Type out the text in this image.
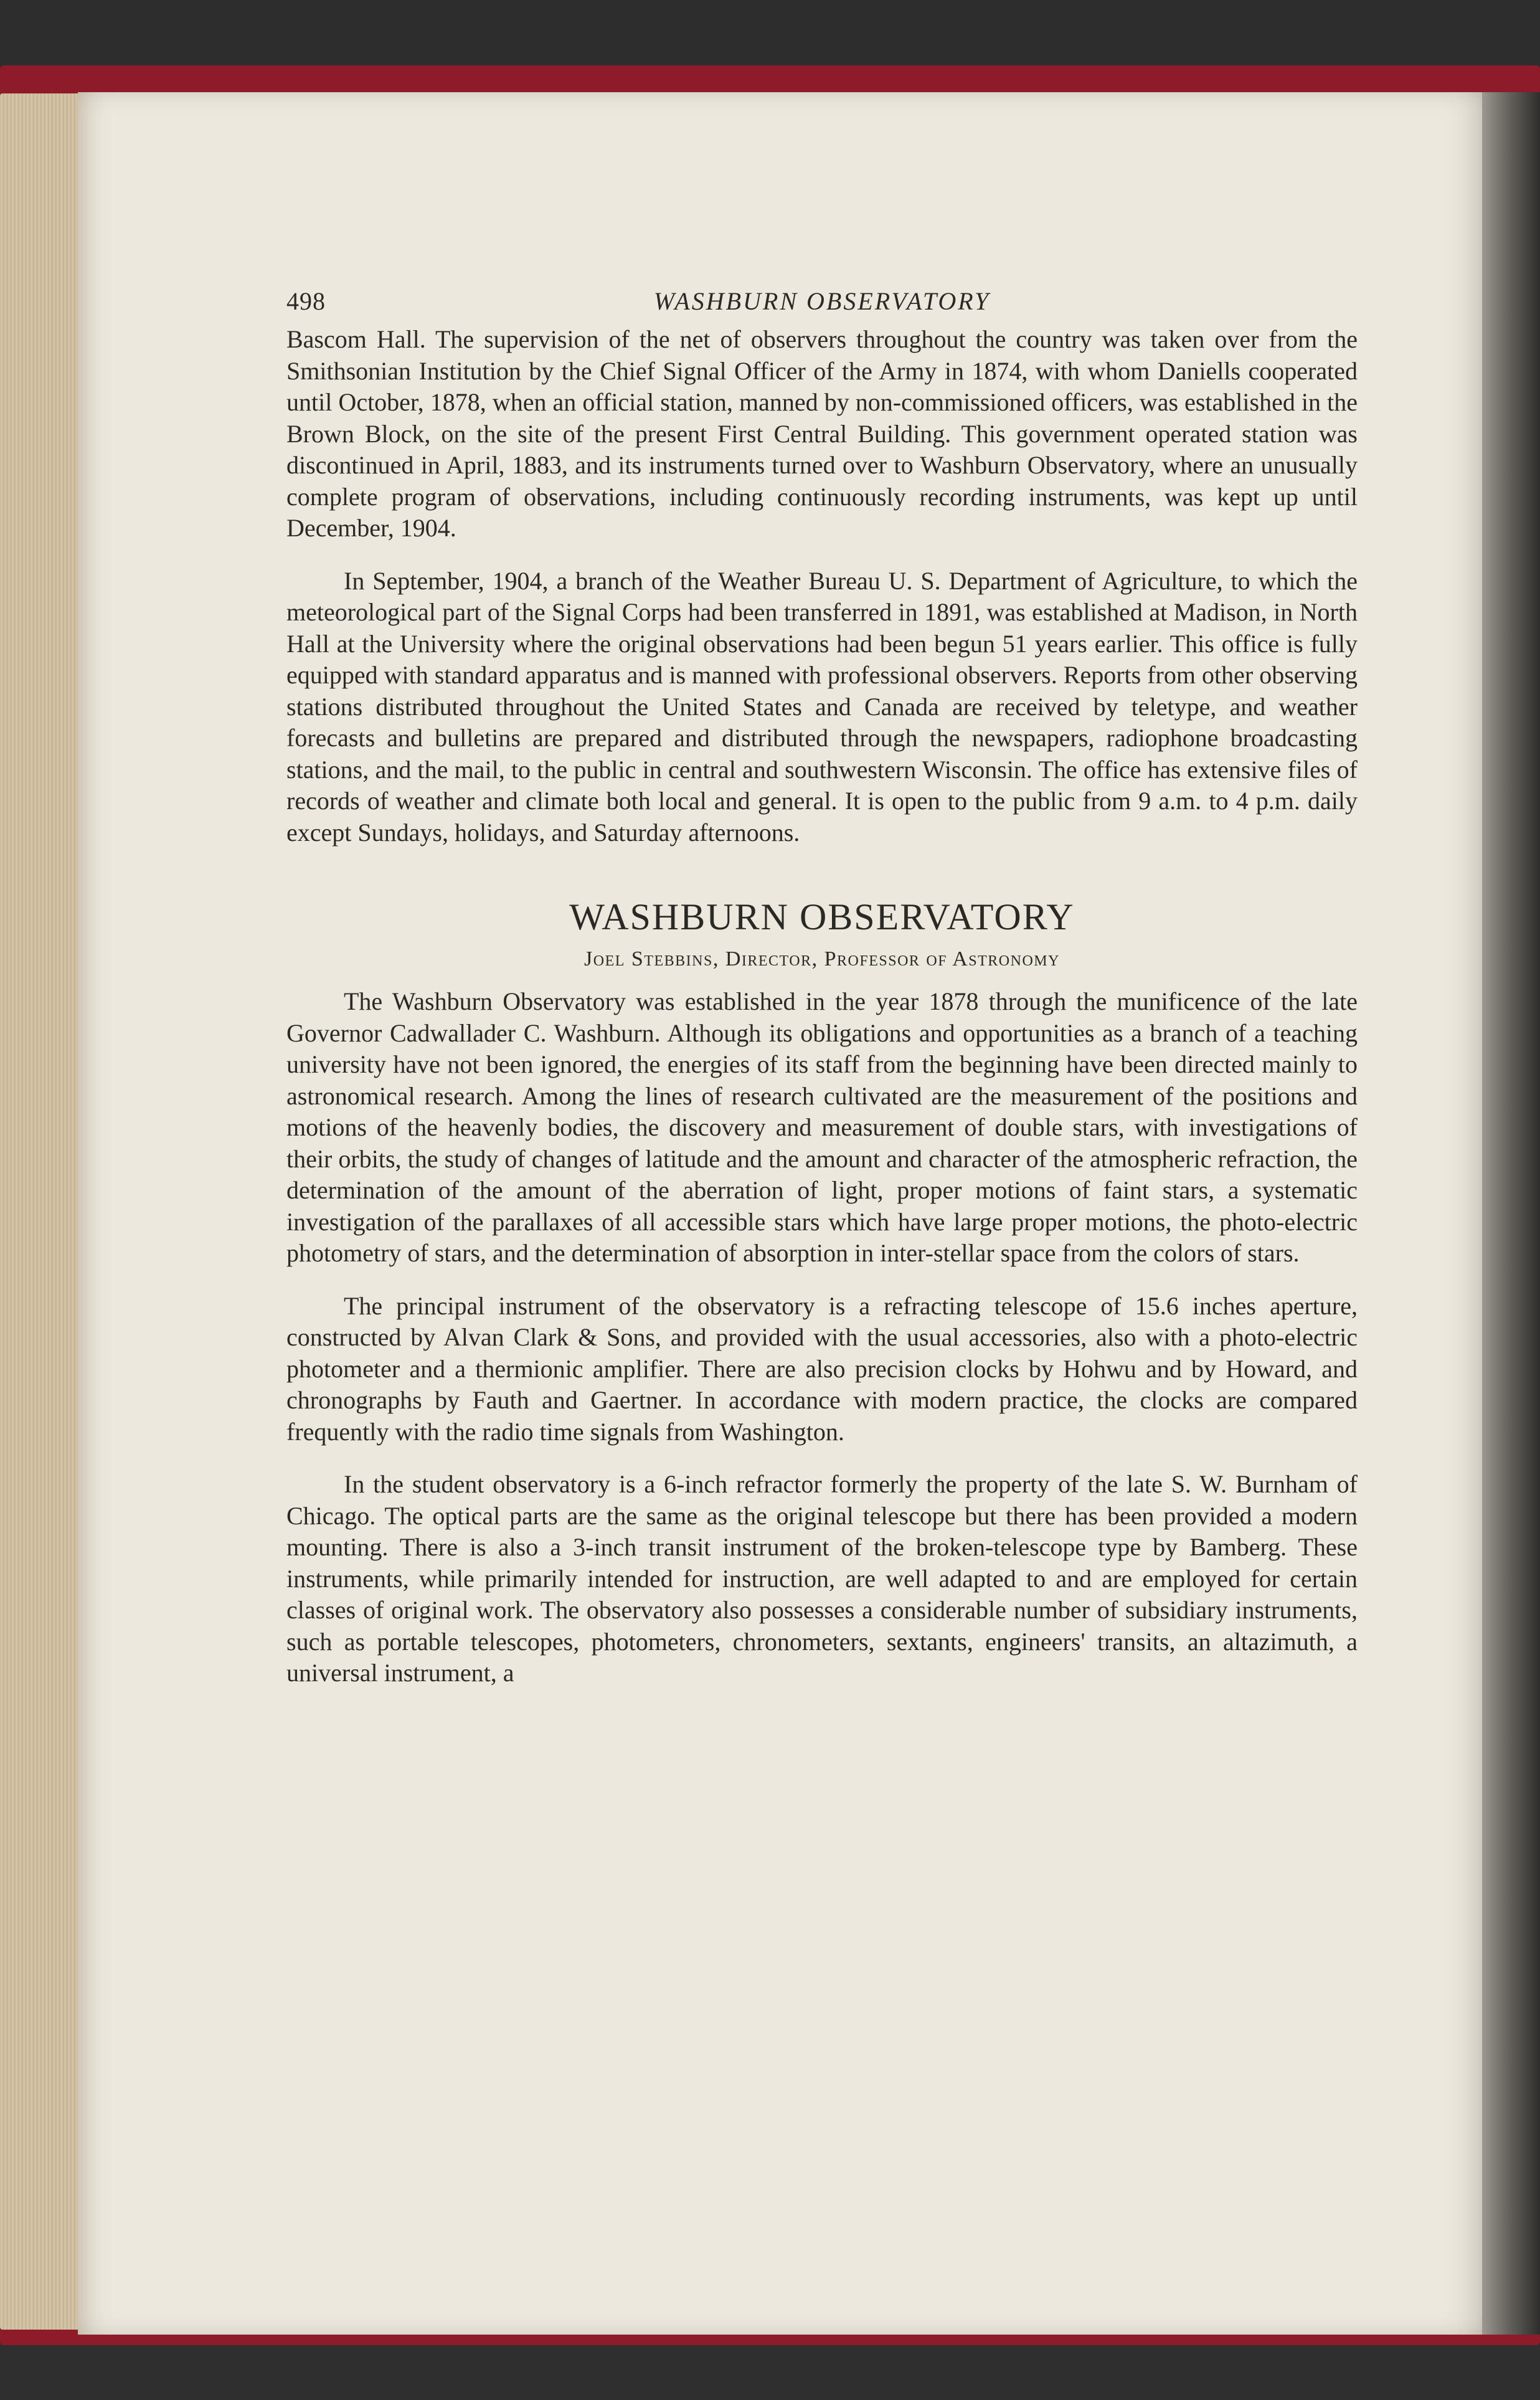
498	WASHBURN OBSERVATORY

Bascom Hall. The supervision of the net of observers throughout the country was taken over from the Smithsonian Institution by the Chief Signal Officer of the Army in 1874, with whom Daniells cooperated until October, 1878, when an official station, manned by non-commissioned officers, was established in the Brown Block, on the site of the present First Central Building. This government operated station was discontinued in April, 1883, and its instruments turned over to Washburn Observatory, where an unusually complete program of observations, including continuously recording instruments, was kept up until December, 1904.

In September, 1904, a branch of the Weather Bureau U. S. Department of Agriculture, to which the meteorological part of the Signal Corps had been transferred in 1891, was established at Madison, in North Hall at the University where the original observations had been begun 51 years earlier. This office is fully equipped with standard apparatus and is manned with professional observers. Reports from other observing stations distributed throughout the United States and Canada are received by teletype, and weather forecasts and bulletins are prepared and distributed through the newspapers, radiophone broadcasting stations, and the mail, to the public in central and southwestern Wisconsin. The office has extensive files of records of weather and climate both local and general. It is open to the public from 9 a.m. to 4 p.m. daily except Sundays, holidays, and Saturday afternoons.

WASHBURN OBSERVATORY
Joel Stebbins, Director, Professor of Astronomy

The Washburn Observatory was established in the year 1878 through the munificence of the late Governor Cadwallader C. Washburn. Although its obligations and opportunities as a branch of a teaching university have not been ignored, the energies of its staff from the beginning have been directed mainly to astronomical research. Among the lines of research cultivated are the measurement of the positions and motions of the heavenly bodies, the discovery and measurement of double stars, with investigations of their orbits, the study of changes of latitude and the amount and character of the atmospheric refraction, the determination of the amount of the aberration of light, proper motions of faint stars, a systematic investigation of the parallaxes of all accessible stars which have large proper motions, the photo-electric photometry of stars, and the determination of absorption in inter-stellar space from the colors of stars.

The principal instrument of the observatory is a refracting telescope of 15.6 inches aperture, constructed by Alvan Clark & Sons, and provided with the usual accessories, also with a photo-electric photometer and a thermionic amplifier. There are also precision clocks by Hohwu and by Howard, and chronographs by Fauth and Gaertner. In accordance with modern practice, the clocks are compared frequently with the radio time signals from Washington.

In the student observatory is a 6-inch refractor formerly the property of the late S. W. Burnham of Chicago. The optical parts are the same as the original telescope but there has been provided a modern mounting. There is also a 3-inch transit instrument of the broken-telescope type by Bamberg. These instruments, while primarily intended for instruction, are well adapted to and are employed for certain classes of original work. The observatory also possesses a considerable number of subsidiary instruments, such as portable telescopes, photometers, chronometers, sextants, engineers' transits, an altazimuth, a universal instrument, a
